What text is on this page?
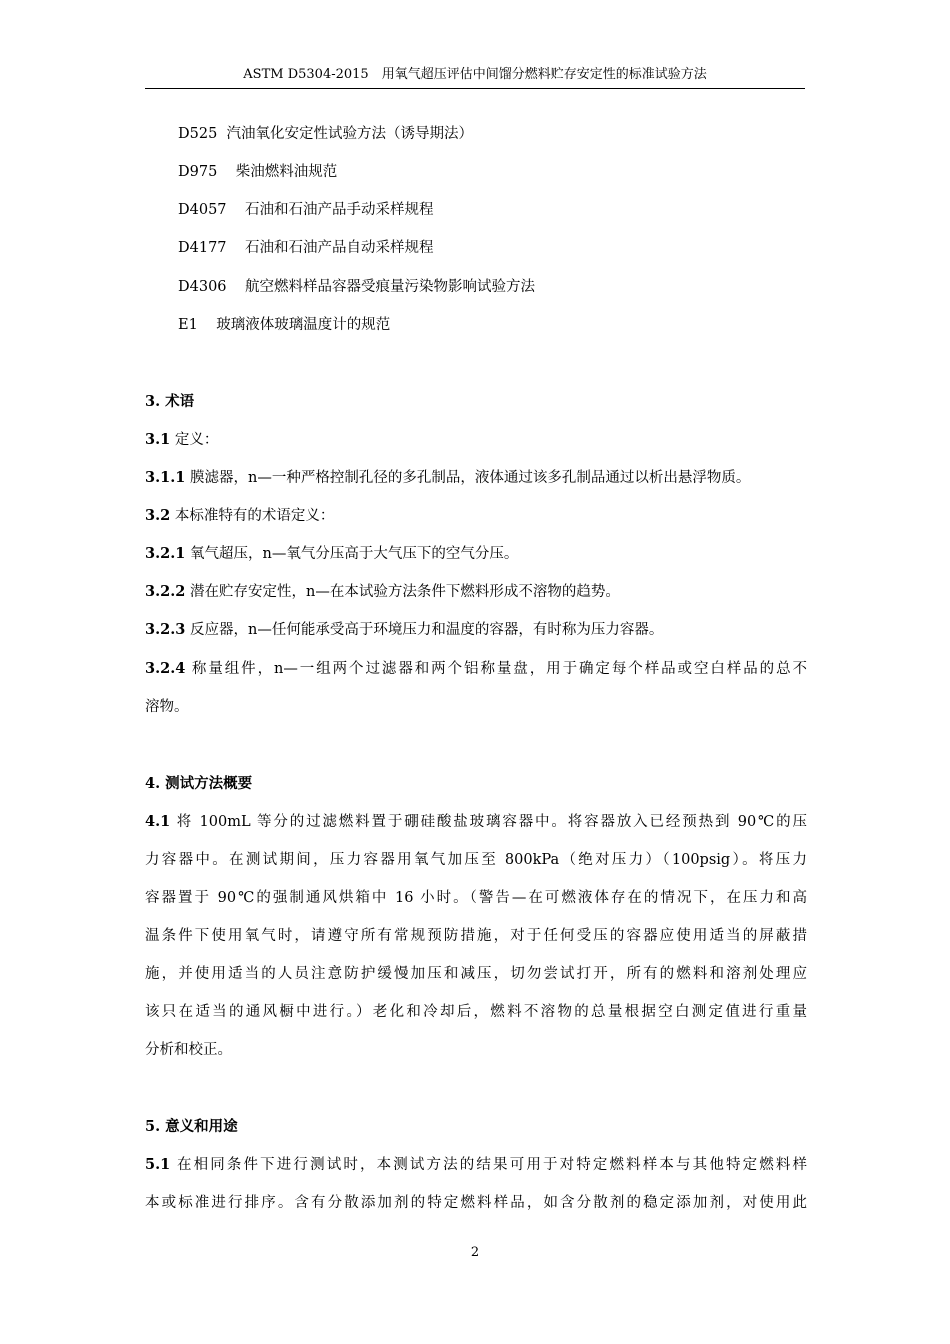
ASTM D5304-2015　用氧气超压评估中间馏分燃料贮存安定性的标准试验方法
D525 汽油氧化安定性试验方法（诱导期法）
D975 柴油燃料油规范
D4057 石油和石油产品手动采样规程
D4177 石油和石油产品自动采样规程
D4306 航空燃料样品容器受痕量污染物影响试验方法
E1 玻璃液体玻璃温度计的规范
3. 术语
3.1 定义：
3.1.1 膜滤器，n—一种严格控制孔径的多孔制品，液体通过该多孔制品通过以析出悬浮物质。
3.2 本标准特有的术语定义：
3.2.1 氧气超压，n—氧气分压高于大气压下的空气分压。
3.2.2 潜在贮存安定性，n—在本试验方法条件下燃料形成不溶物的趋势。
3.2.3 反应器，n—任何能承受高于环境压力和温度的容器，有时称为压力容器。
3.2.4 称量组件，n—一组两个过滤器和两个铝称量盘，用于确定每个样品或空白样品的总不
溶物。
4. 测试方法概要
4.1 将 100mL 等分的过滤燃料置于硼硅酸盐玻璃容器中。将容器放入已经预热到 90℃的压
力容器中。在测试期间，压力容器用氧气加压至 800kPa（绝对压力）（100psig）。将压力
容器置于 90℃的强制通风烘箱中 16 小时。（警告—在可燃液体存在的情况下，在压力和高
温条件下使用氧气时，请遵守所有常规预防措施，对于任何受压的容器应使用适当的屏蔽措
施，并使用适当的人员注意防护缓慢加压和减压，切勿尝试打开，所有的燃料和溶剂处理应
该只在适当的通风橱中进行。）老化和冷却后，燃料不溶物的总量根据空白测定值进行重量
分析和校正。
5. 意义和用途
5.1 在相同条件下进行测试时，本测试方法的结果可用于对特定燃料样本与其他特定燃料样
本或标准进行排序。含有分散添加剂的特定燃料样品，如含分散剂的稳定添加剂，对使用此
2
